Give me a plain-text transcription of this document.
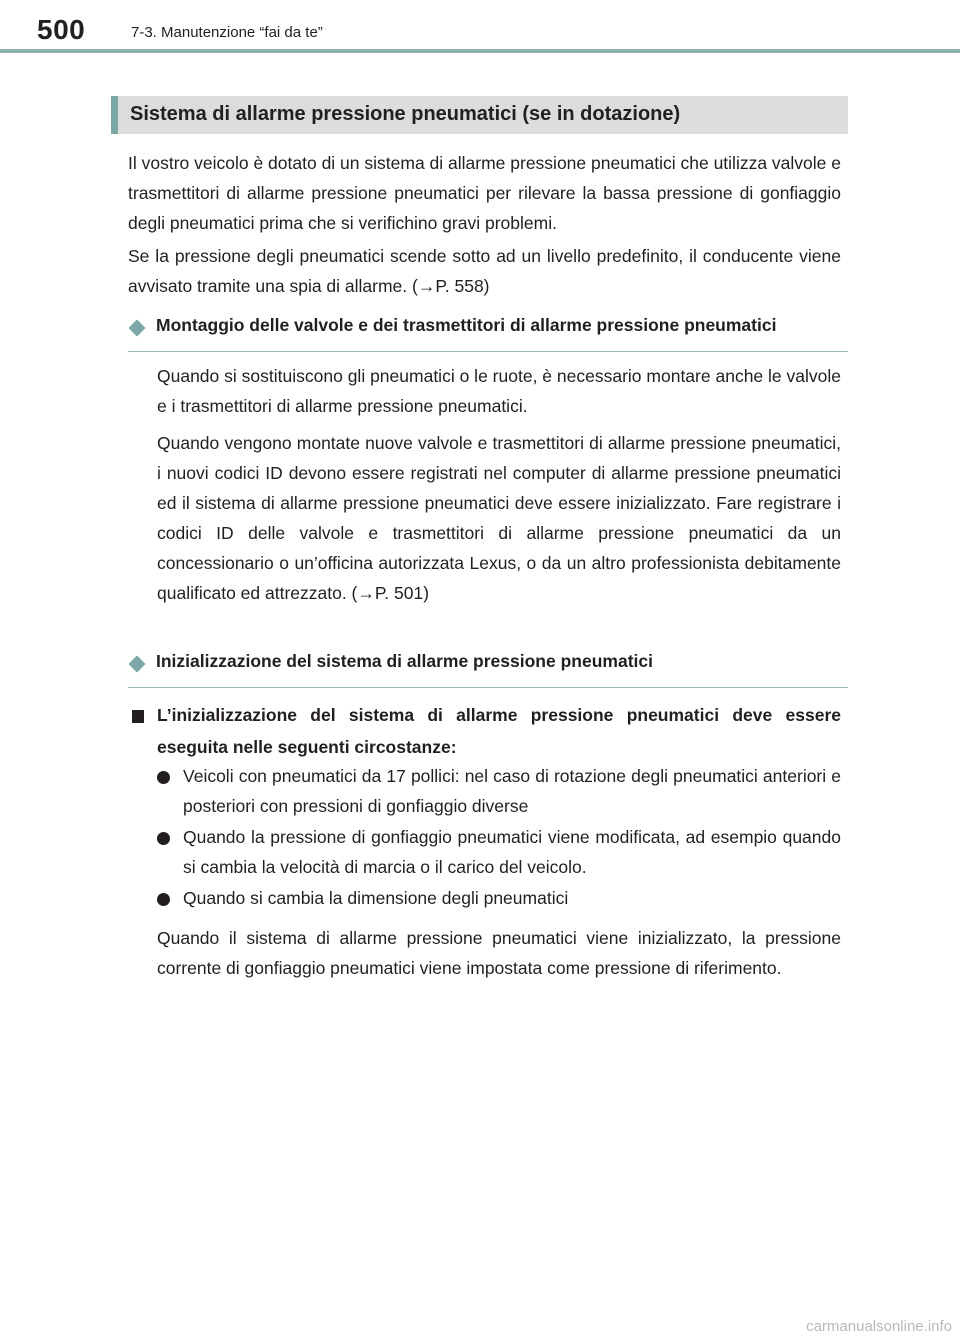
500	7-3. Manutenzione “fai da te”
Sistema di allarme pressione pneumatici (se in dotazione)

Il vostro veicolo è dotato di un sistema di allarme pressione pneumatici che utilizza valvole e trasmettitori di allarme pressione pneumatici per rilevare la bassa pressione di gonfiaggio degli pneumatici prima che si verifichino gravi problemi.

Se la pressione degli pneumatici scende sotto ad un livello predefinito, il conducente viene avvisato tramite una spia di allarme. (→P. 558)

Montaggio delle valvole e dei trasmettitori di allarme pressione pneumatici

Quando si sostituiscono gli pneumatici o le ruote, è necessario montare anche le valvole e i trasmettitori di allarme pressione pneumatici.

Quando vengono montate nuove valvole e trasmettitori di allarme pressione pneumatici, i nuovi codici ID devono essere registrati nel computer di allarme pressione pneumatici ed il sistema di allarme pressione pneumatici deve essere inizializzato. Fare registrare i codici ID delle valvole e trasmettitori di allarme pressione pneumatici da un concessionario o un’officina autorizzata Lexus, o da un altro professionista debitamente qualificato ed attrezzato. (→P. 501)

Inizializzazione del sistema di allarme pressione pneumatici

L’inizializzazione del sistema di allarme pressione pneumatici deve essere eseguita nelle seguenti circostanze:

Veicoli con pneumatici da 17 pollici: nel caso di rotazione degli pneumatici anteriori e posteriori con pressioni di gonfiaggio diverse

Quando la pressione di gonfiaggio pneumatici viene modificata, ad esempio quando si cambia la velocità di marcia o il carico del veicolo.

Quando si cambia la dimensione degli pneumatici

Quando il sistema di allarme pressione pneumatici viene inizializzato, la pressione corrente di gonfiaggio pneumatici viene impostata come pressione di riferimento.

carmanualsonline.info
